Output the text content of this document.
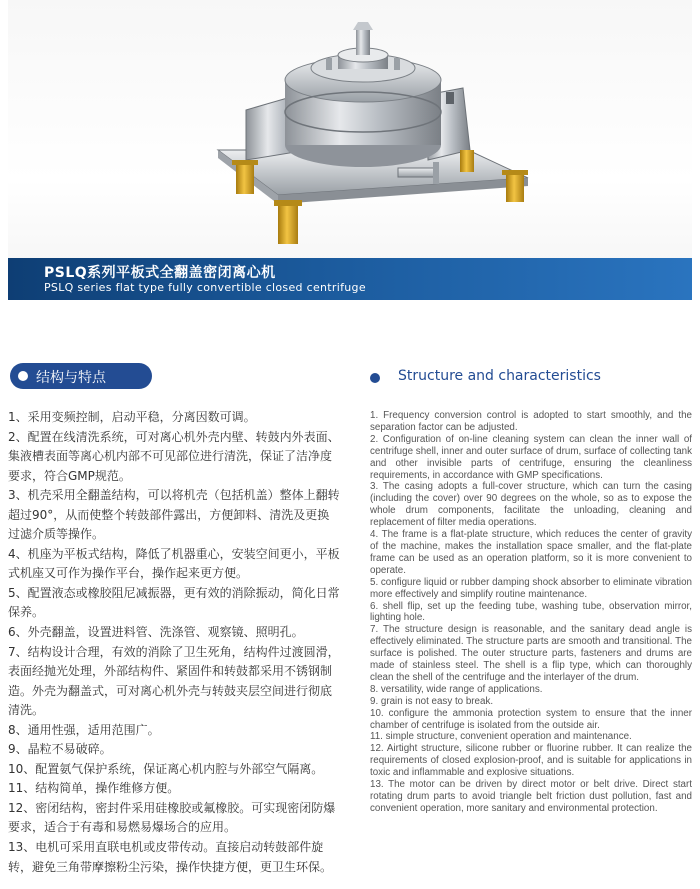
PSLQ系列平板式全翻盖密闭离心机
PSLQ series flat type fully convertible closed centrifuge
结构与特点	Structure and characteristics

1、采用变频控制，启动平稳，分离因数可调。

2、配置在线清洗系统，可对离心机外壳内壁、转鼓内外表面、集液槽表面等离心机内部不可见部位进行清洗，保证了洁净度要求，符合GMP规范。

3、机壳采用全翻盖结构，可以将机壳（包括机盖）整体上翻转超过90°，从而使整个转鼓部件露出，方便卸料、清洗及更换过滤介质等操作。

4、机座为平板式结构，降低了机器重心，安装空间更小，平板式机座又可作为操作平台，操作起来更方便。

5、配置液态或橡胶阻尼减振器，更有效的消除振动，简化日常保养。

6、外壳翻盖，设置进料管、洗涤管、观察镜、照明孔。

7、结构设计合理，有效的消除了卫生死角，结构件过渡圆滑，表面经抛光处理，外部结构件、紧固件和转鼓都采用不锈钢制造。外壳为翻盖式，可对离心机外壳与转鼓夹层空间进行彻底清洗。

8、通用性强，适用范围广。

9、晶粒不易破碎。

10、配置氨气保护系统，保证离心机内腔与外部空气隔离。

11、结构简单，操作维修方便。

12、密闭结构，密封件采用硅橡胶或氟橡胶。可实现密闭防爆要求，适合于有毒和易燃易爆场合的应用。

13、电机可采用直联电机或皮带传动。直接启动转鼓部件旋转，避免三角带摩擦粉尘污染，操作快捷方便，更卫生环保。

1. Frequency conversion control is adopted to start smoothly, and the separation factor can be adjusted.

2. Configuration of on-line cleaning system can clean the inner wall of centrifuge shell, inner and outer surface of drum, surface of collecting tank and other invisible parts of centrifuge, ensuring the cleanliness requirements, in accordance with GMP specifications.

3. The casing adopts a full-cover structure, which can turn the casing (including the cover) over 90 degrees on the whole, so as to expose the whole drum components, facilitate the unloading, cleaning and replacement of filter media operations.

4. The frame is a flat-plate structure, which reduces the center of gravity of the machine, makes the installation space smaller, and the flat-plate frame can be used as an operation platform, so it is more convenient to operate.

5. configure liquid or rubber damping shock absorber to eliminate vibration more effectively and simplify routine maintenance.

6. shell flip, set up the feeding tube, washing tube, observation mirror, lighting hole.

7. The structure design is reasonable, and the sanitary dead angle is effectively eliminated. The structure parts are smooth and transitional. The surface is polished. The outer structure parts, fasteners and drums are made of stainless steel. The shell is a flip type, which can thoroughly clean the shell of the centrifuge and the interlayer of the drum.

8. versatility, wide range of applications.

9. grain is not easy to break.

10. configure the ammonia protection system to ensure that the inner chamber of centrifuge is isolated from the outside air.

11. simple structure, convenient operation and maintenance.

12. Airtight structure, silicone rubber or fluorine rubber. It can realize the requirements of closed explosion-proof, and is suitable for applications in toxic and inflammable and explosive situations.

13. The motor can be driven by direct motor or belt drive. Direct start rotating drum parts to avoid triangle belt friction dust pollution, fast and convenient operation, more sanitary and environmental protection.
